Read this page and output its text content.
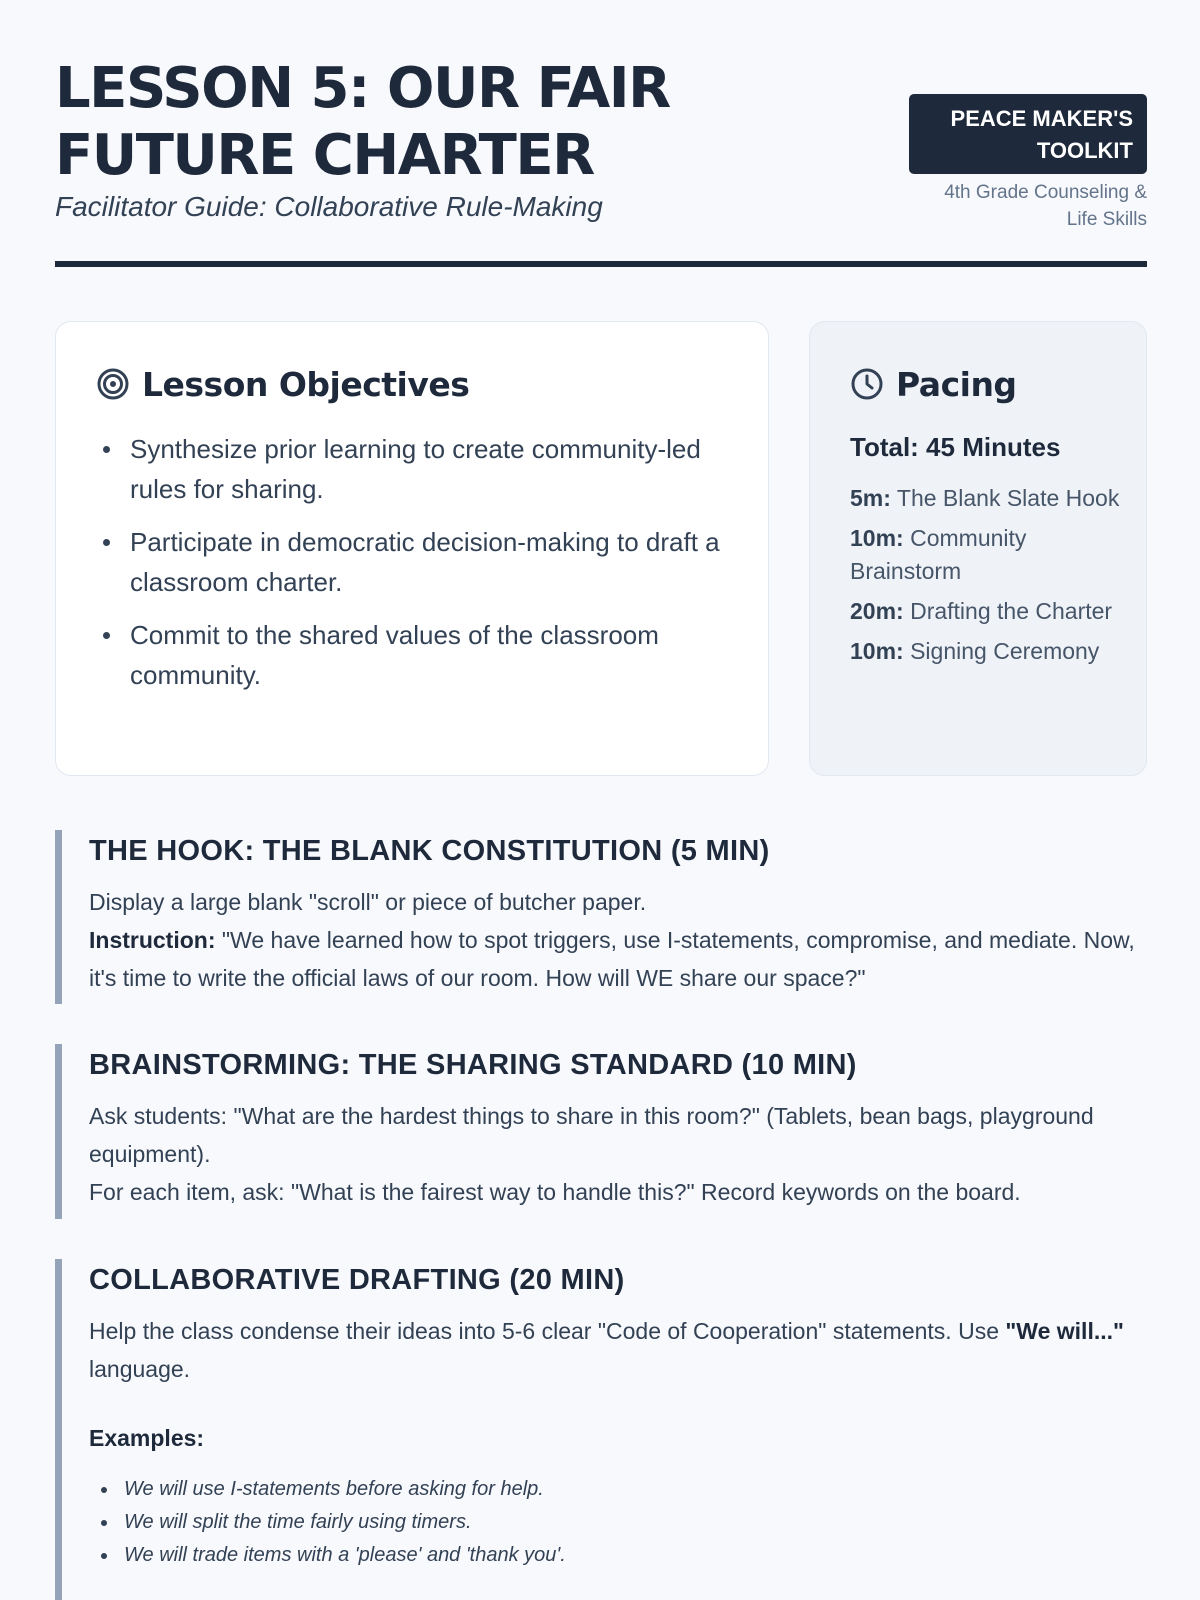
LESSON 5: OUR FAIR
FUTURE CHARTER
Facilitator Guide: Collaborative Rule-Making
PEACE MAKER'S
TOOLKIT
4th Grade Counseling &
Life Skills
Lesson Objectives
Synthesize prior learning to create community-led rules for sharing.
Participate in democratic decision-making to draft a classroom charter.
Commit to the shared values of the classroom community.
Pacing
Total: 45 Minutes
5m: The Blank Slate Hook
10m: Community Brainstorm
20m: Drafting the Charter
10m: Signing Ceremony
THE HOOK: THE BLANK CONSTITUTION (5 MIN)

Display a large blank "scroll" or piece of butcher paper.
Instruction: "We have learned how to spot triggers, use I-statements, compromise, and mediate. Now, it's time to write the official laws of our room. How will WE share our space?"

BRAINSTORMING: THE SHARING STANDARD (10 MIN)

Ask students: "What are the hardest things to share in this room?" (Tablets, bean bags, playground equipment).

For each item, ask: "What is the fairest way to handle this?" Record keywords on the board.

COLLABORATIVE DRAFTING (20 MIN)

Help the class condense their ideas into 5-6 clear "Code of Cooperation" statements. Use "We will..." language.

Examples:
We will use I-statements before asking for help.
We will split the time fairly using timers.
We will trade items with a 'please' and 'thank you'.
